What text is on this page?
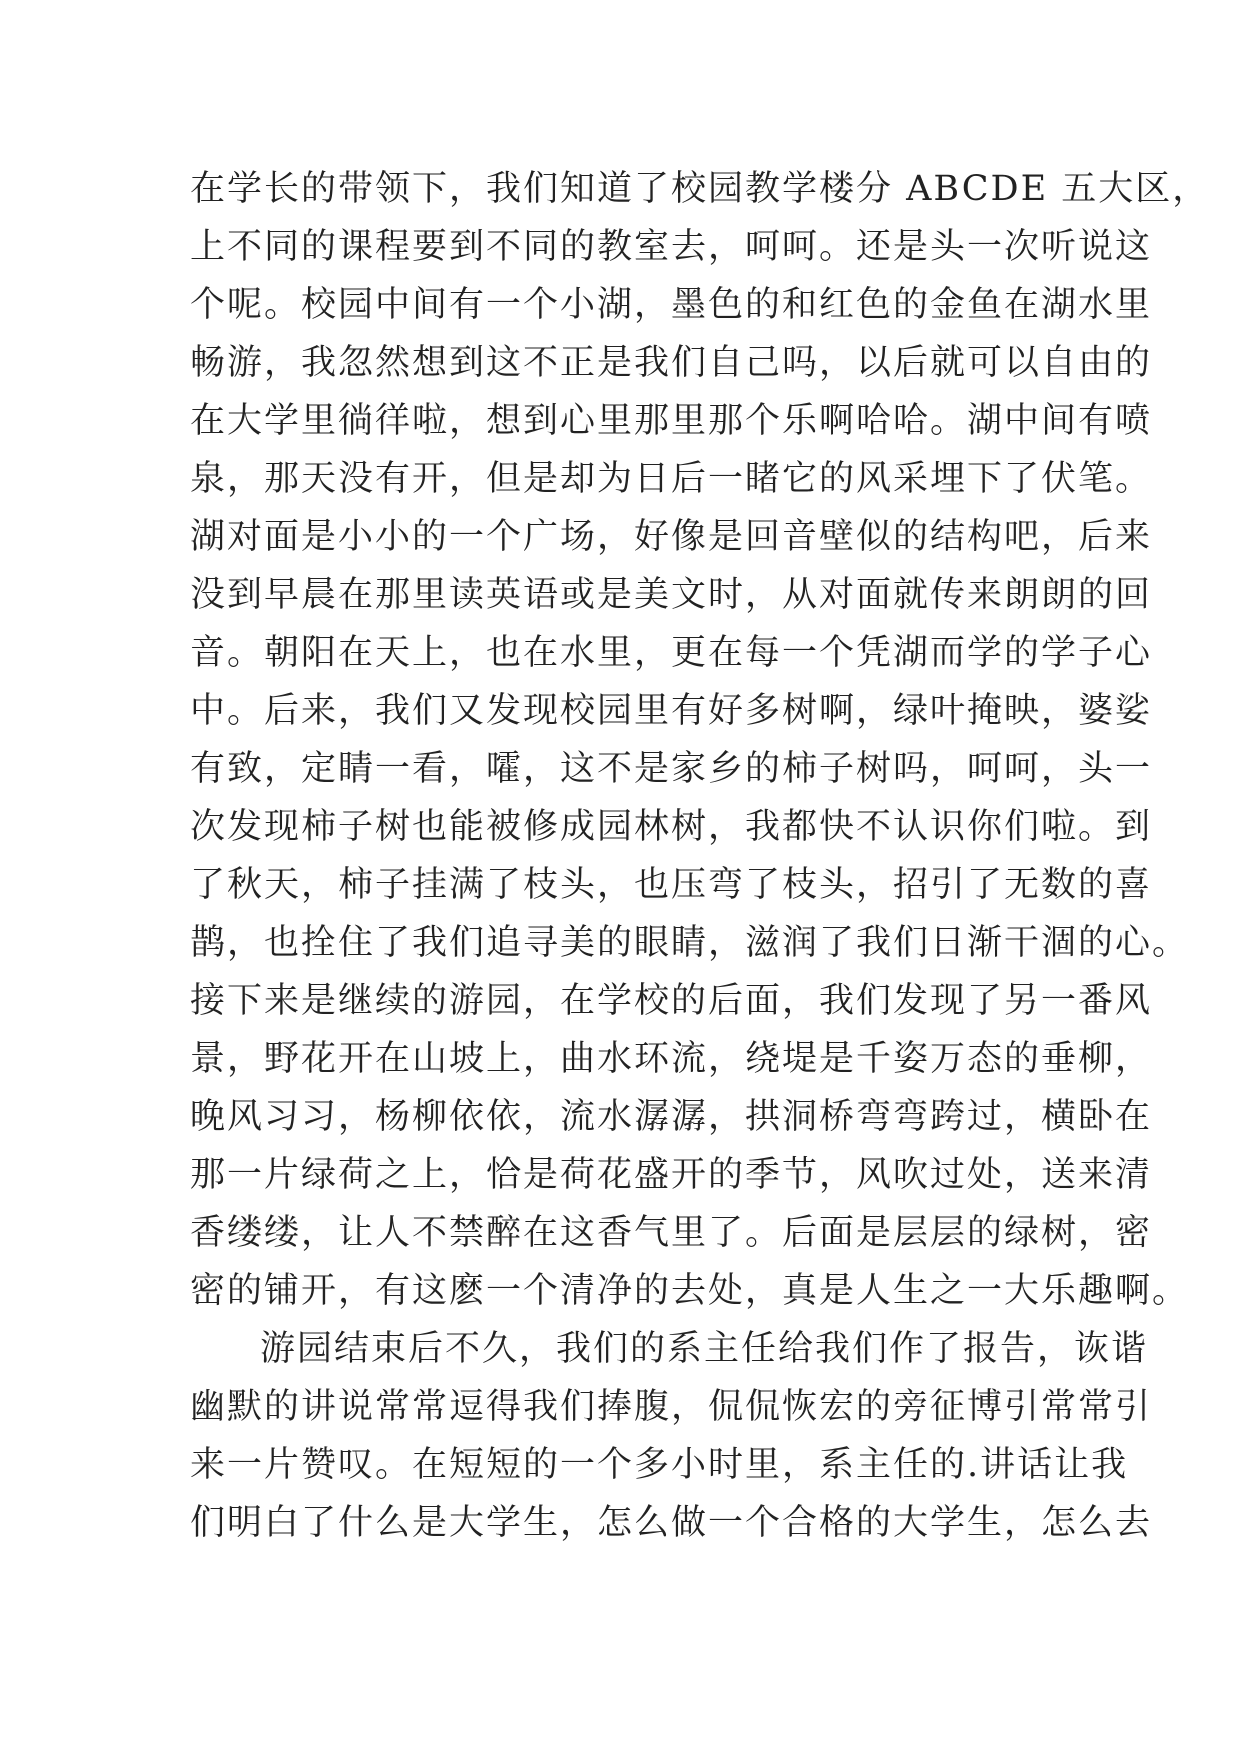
在学长的带领下，我们知道了校园教学楼分 ABCDE 五大区，
上不同的课程要到不同的教室去，呵呵。还是头一次听说这
个呢。校园中间有一个小湖，墨色的和红色的金鱼在湖水里
畅游，我忽然想到这不正是我们自己吗，以后就可以自由的
在大学里徜徉啦，想到心里那里那个乐啊哈哈。湖中间有喷
泉，那天没有开，但是却为日后一睹它的风采埋下了伏笔。
湖对面是小小的一个广场，好像是回音壁似的结构吧，后来
没到早晨在那里读英语或是美文时，从对面就传来朗朗的回
音。朝阳在天上，也在水里，更在每一个凭湖而学的学子心
中。后来，我们又发现校园里有好多树啊，绿叶掩映，婆娑
有致，定睛一看，嚯，这不是家乡的柿子树吗，呵呵，头一
次发现柿子树也能被修成园林树，我都快不认识你们啦。到
了秋天，柿子挂满了枝头，也压弯了枝头，招引了无数的喜
鹊，也拴住了我们追寻美的眼睛，滋润了我们日渐干涸的心。
接下来是继续的游园，在学校的后面，我们发现了另一番风
景，野花开在山坡上，曲水环流，绕堤是千姿万态的垂柳，
晚风习习，杨柳依依，流水潺潺，拱洞桥弯弯跨过，横卧在
那一片绿荷之上，恰是荷花盛开的季节，风吹过处，送来清
香缕缕，让人不禁醉在这香气里了。后面是层层的绿树，密
密的铺开，有这麽一个清净的去处，真是人生之一大乐趣啊。
游园结束后不久，我们的系主任给我们作了报告，诙谐
幽默的讲说常常逗得我们捧腹，侃侃恢宏的旁征博引常常引
来一片赞叹。在短短的一个多小时里，系主任的.讲话让我
们明白了什么是大学生，怎么做一个合格的大学生，怎么去
